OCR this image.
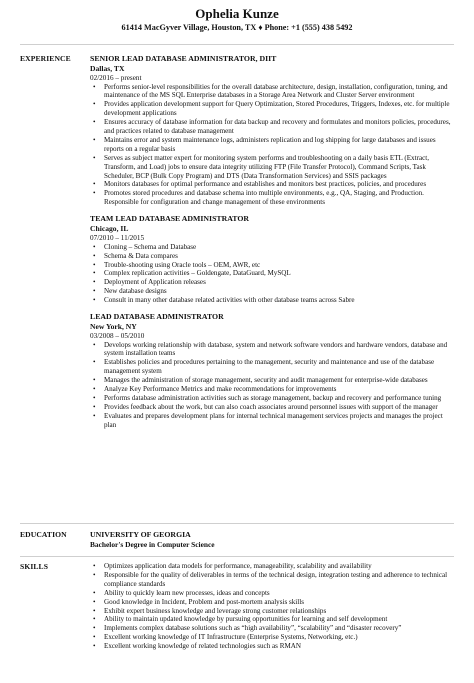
Ophelia Kunze
61414 MacGyver Village, Houston, TX ♦ Phone: +1 (555) 438 5492
EXPERIENCE SENIOR LEAD DATABASE ADMINISTRATOR, DIIT
Dallas, TX
02/2016 – present
• Performs senior-level responsibilities for the overall database architecture, design, installation, configuration, tuning, and maintenance of the MS SQL Enterprise databases in a Storage Area Network and Cluster Server environment
• Provides application development support for Query Optimization, Stored Procedures, Triggers, Indexes, etc. for multiple development applications
• Ensures accuracy of database information for data backup and recovery and formulates and monitors policies, procedures, and practices related to database management
• Maintains error and system maintenance logs, administers replication and log shipping for large databases and issues reports on a regular basis
• Serves as subject matter expert for monitoring system performs and troubleshooting on a daily basis ETL (Extract, Transform, and Load) jobs to ensure data integrity utilizing FTP (File Transfer Protocol), Command Scripts, Task Scheduler, BCP (Bulk Copy Program) and DTS (Data Transformation Services) and SSIS packages
• Monitors databases for optimal performance and establishes and monitors best practices, policies, and procedures
• Promotes stored procedures and database schema into multiple environments, e.g., QA, Staging, and Production. Responsible for configuration and change management of these environments
TEAM LEAD DATABASE ADMINISTRATOR
Chicago, IL
07/2010 – 11/2015
• Cloning – Schema and Database
• Schema & Data compares
• Trouble-shooting using Oracle tools – OEM, AWR, etc
• Complex replication activities – Goldengate, DataGuard, MySQL
• Deployment of Application releases
• New database designs
• Consult in many other database related activities with other database teams across Sabre
LEAD DATABASE ADMINISTRATOR
New York, NY
03/2008 – 05/2010
• Develops working relationship with database, system and network software vendors and hardware vendors, database and system installation teams
• Establishes policies and procedures pertaining to the management, security and maintenance and use of the database management system
• Manages the administration of storage management, security and audit management for enterprise-wide databases
• Analyze Key Performance Metrics and make recommendations for improvements
• Performs database administration activities such as storage management, backup and recovery and performance tuning
• Provides feedback about the work, but can also coach associates around personnel issues with support of the manager
• Evaluates and prepares development plans for internal technical management services projects and manages the project plan
EDUCATION	UNIVERSITY OF GEORGIA
Bachelor's Degree in Computer Science
SKILLS
•	Optimizes application data models for performance, manageability, scalability and availability
• Responsible for the quality of deliverables in terms of the technical design, integration testing and adherence to technical compliance standards
• Ability to quickly learn new processes, ideas and concepts
• Good knowledge in Incident, Problem and post-mortem analysis skills
• Exhibit expert business knowledge and leverage strong customer relationships
• Ability to maintain updated knowledge by pursuing opportunities for learning and self development
• Implements complex database solutions such as “high availability”, “scalability” and “disaster recovery”
• Excellent working knowledge of IT Infrastructure (Enterprise Systems, Networking, etc.)
• Excellent working knowledge of related technologies such as RMAN
